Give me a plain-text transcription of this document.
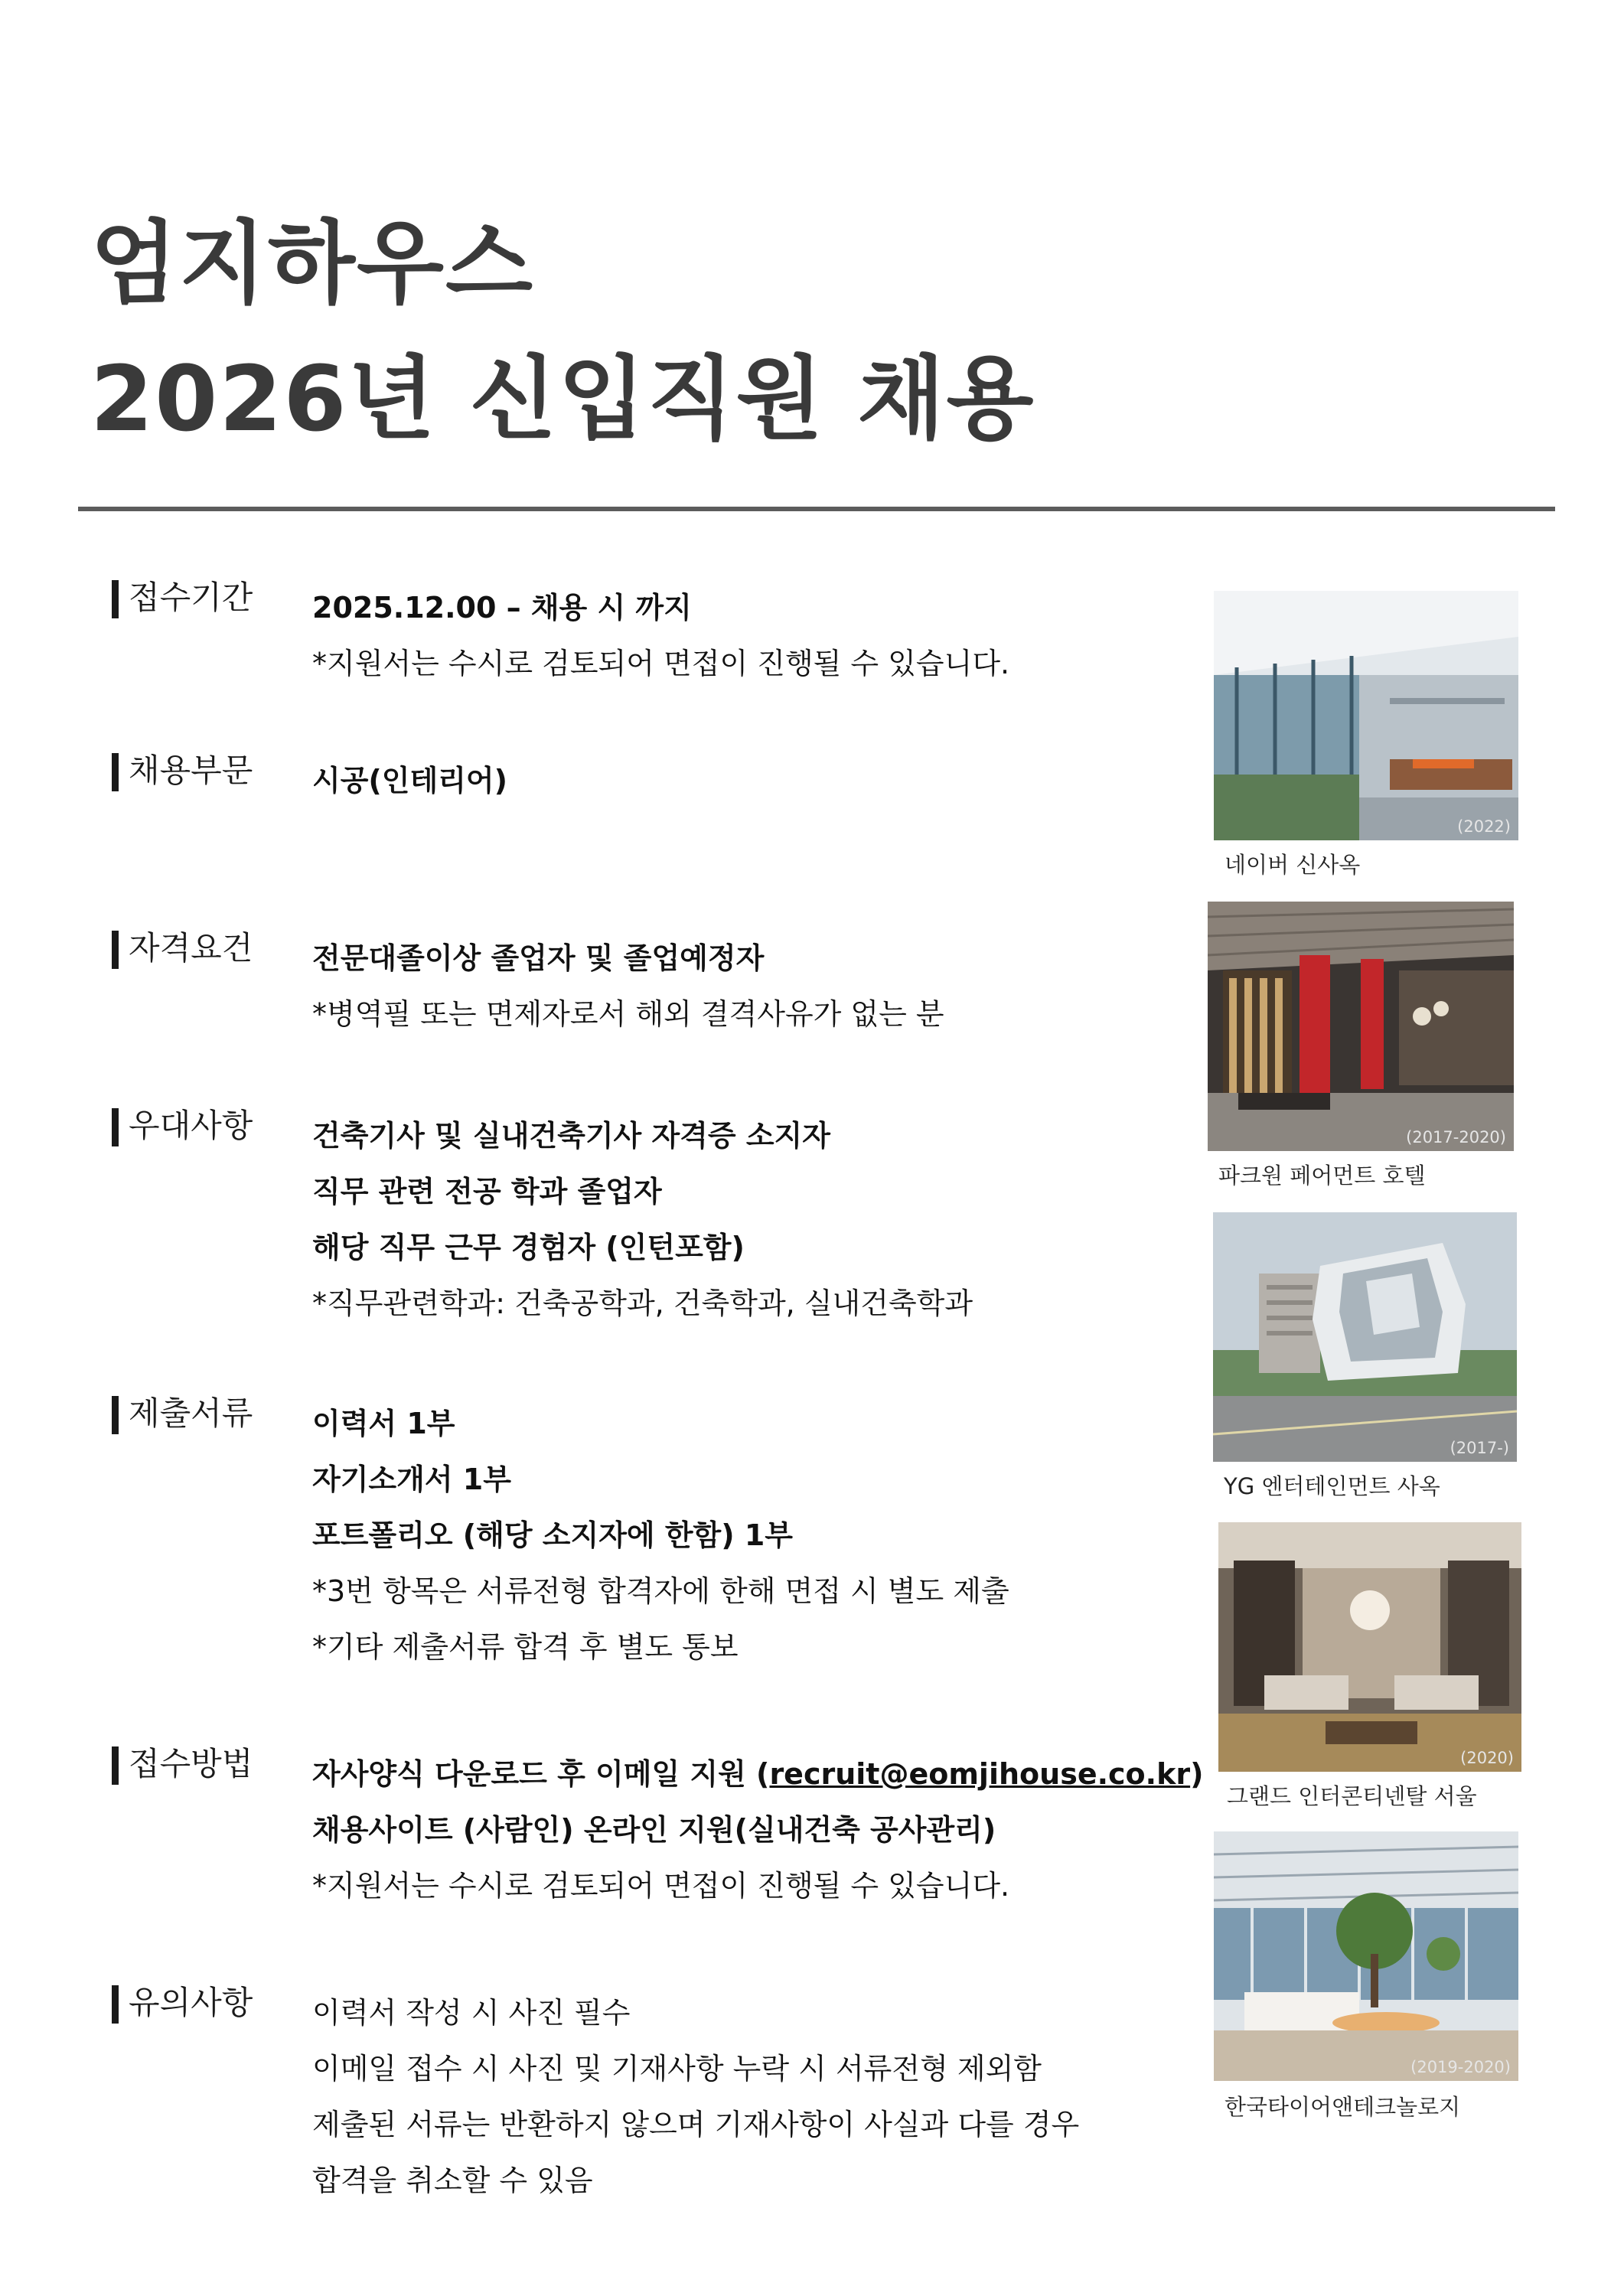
엄지하우스
2026년 신입직원 채용
접수기간 2025.12.00 – 채용 시 까지
*지원서는 수시로 검토되어 면접이 진행될 수 있습니다.
채용부문 시공(인테리어)
자격요건 전문대졸이상 졸업자 및 졸업예정자
*병역필 또는 면제자로서 해외 결격사유가 없는 분
우대사항 건축기사 및 실내건축기사 자격증 소지자
직무 관련 전공 학과 졸업자
해당 직무 근무 경험자 (인턴포함)
*직무관련학과: 건축공학과, 건축학과, 실내건축학과
제출서류 이력서 1부
자기소개서 1부
포트폴리오 (해당 소지자에 한함) 1부
*3번 항목은 서류전형 합격자에 한해 면접 시 별도 제출
*기타 제출서류 합격 후 별도 통보
접수방법 자사양식 다운로드 후 이메일 지원 (recruit@eomjihouse.co.kr)
채용사이트 (사람인) 온라인 지원(실내건축 공사관리)
*지원서는 수시로 검토되어 면접이 진행될 수 있습니다.
유의사항 이력서 작성 시 사진 필수
이메일 접수 시 사진 및 기재사항 누락 시 서류전형 제외함
제출된 서류는 반환하지 않으며 기재사항이 사실과 다를 경우
합격을 취소할 수 있음
(2022)
네이버 신사옥
(2017-2020)
파크원 페어먼트 호텔
(2017-)
YG 엔터테인먼트 사옥
(2020)
그랜드 인터콘티넨탈 서울
(2019-2020)
한국타이어앤테크놀로지
